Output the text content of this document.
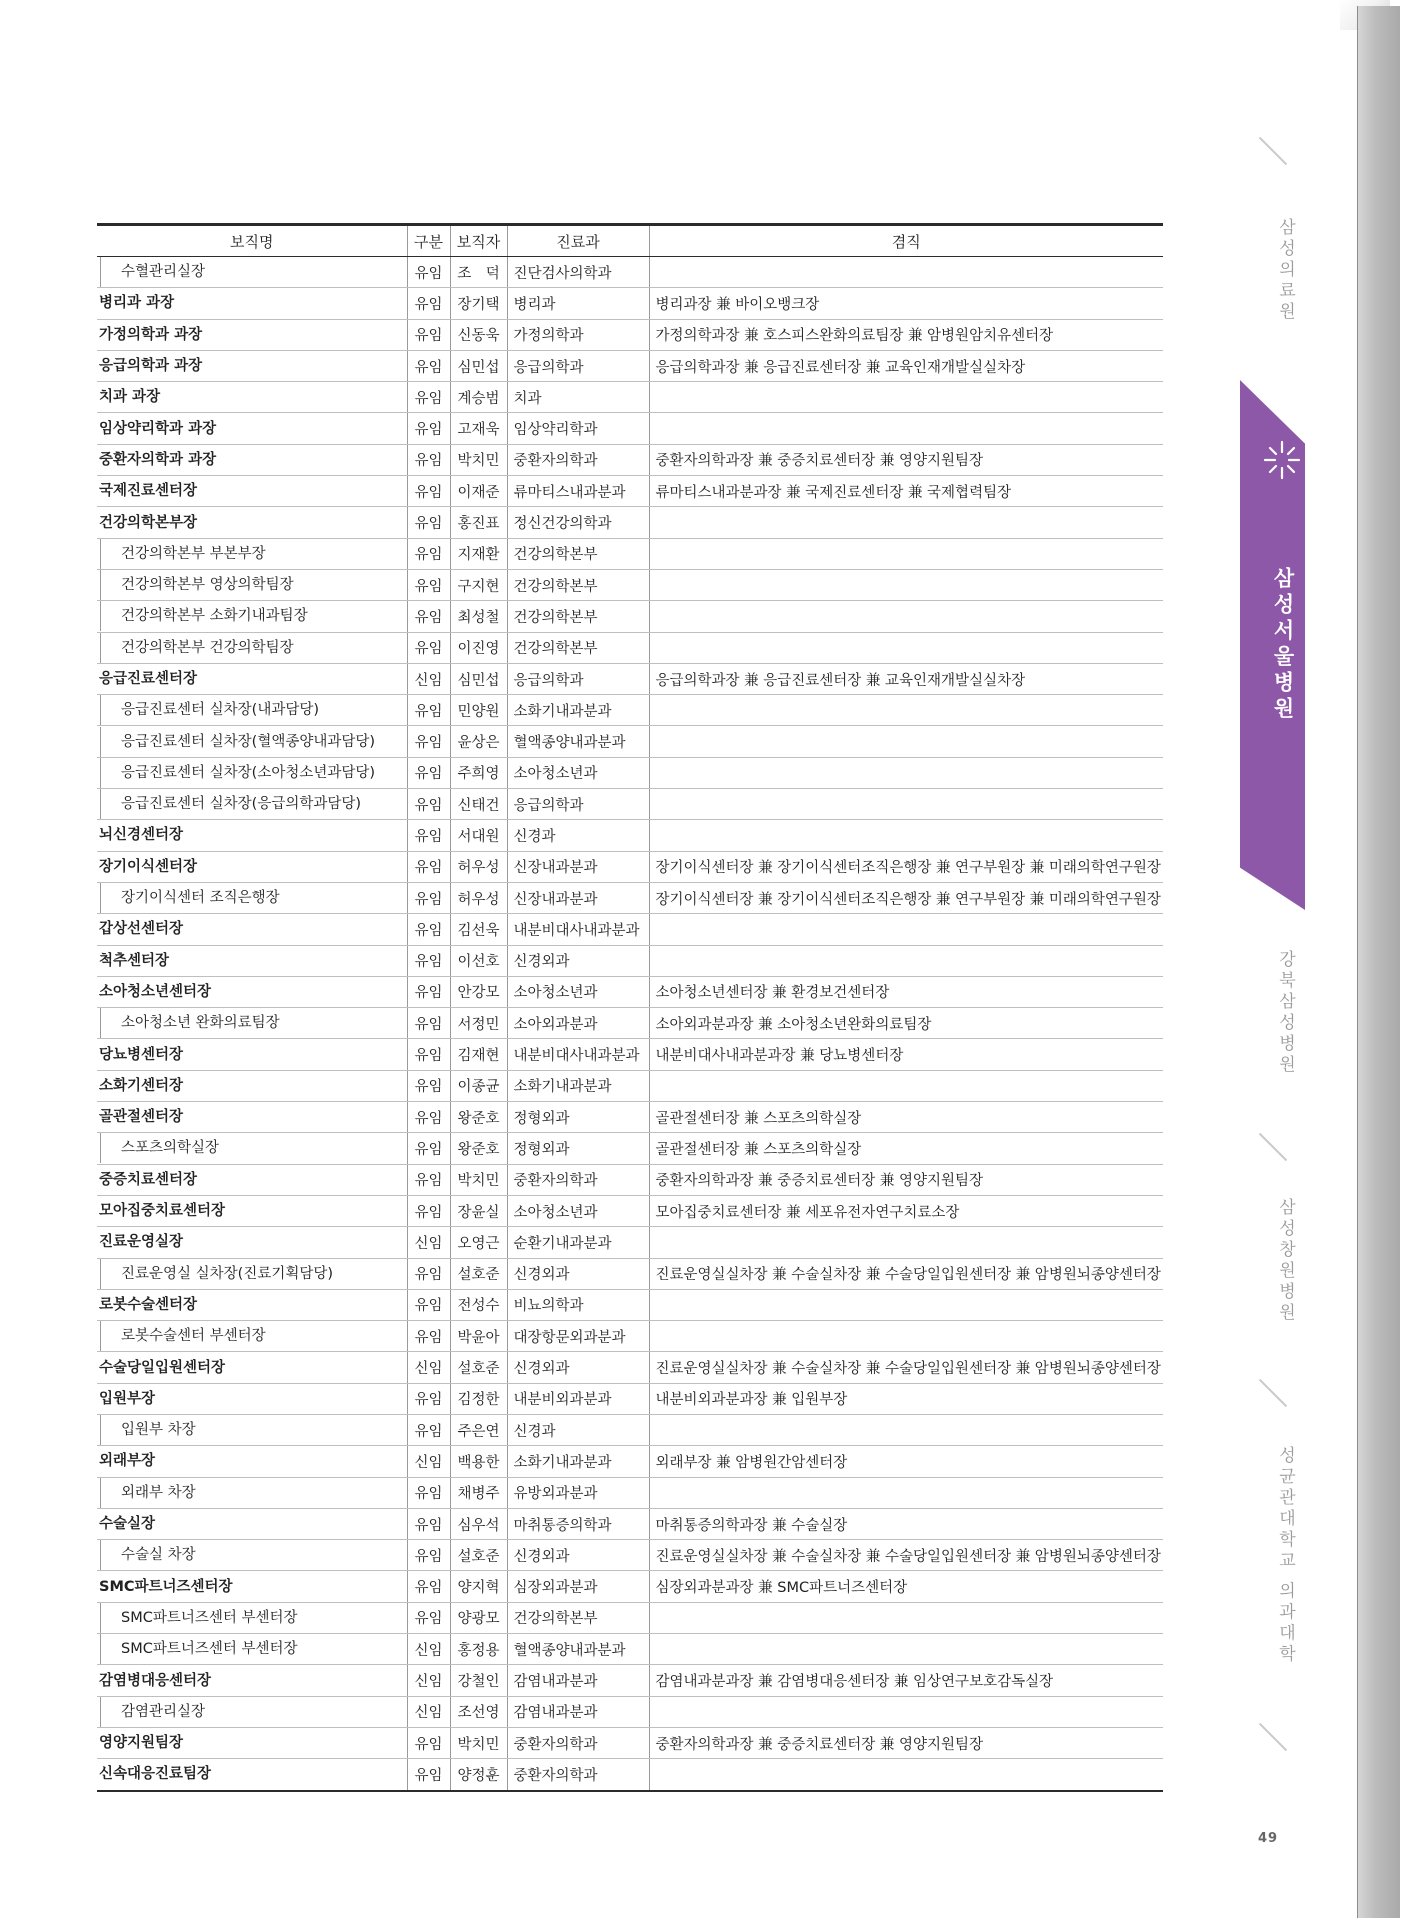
보직명	구분	보직자	진료과	겸직

수혈관리실장	유임	조　덕	진단검사의학과	

병리과 과장	유임	장기택	병리과	병리과장 兼 바이오뱅크장

가정의학과 과장	유임	신동욱	가정의학과	가정의학과장 兼 호스피스완화의료팀장 兼 암병원암치유센터장

응급의학과 과장	유임	심민섭	응급의학과	응급의학과장 兼 응급진료센터장 兼 교육인재개발실실차장

치과 과장	유임	계승범	치과	

임상약리학과 과장	유임	고재욱	임상약리학과	

중환자의학과 과장	유임	박치민	중환자의학과	중환자의학과장 兼 중증치료센터장 兼 영양지원팀장

국제진료센터장	유임	이재준	류마티스내과분과	류마티스내과분과장 兼 국제진료센터장 兼 국제협력팀장

건강의학본부장	유임	홍진표	정신건강의학과	

건강의학본부 부본부장	유임	지재환	건강의학본부	

건강의학본부 영상의학팀장	유임	구지현	건강의학본부	

건강의학본부 소화기내과팀장	유임	최성철	건강의학본부	

건강의학본부 건강의학팀장	유임	이진영	건강의학본부	

응급진료센터장	신임	심민섭	응급의학과	응급의학과장 兼 응급진료센터장 兼 교육인재개발실실차장

응급진료센터 실차장(내과담당)	유임	민양원	소화기내과분과	

응급진료센터 실차장(혈액종양내과담당)	유임	윤상은	혈액종양내과분과	

응급진료센터 실차장(소아청소년과담당)	유임	주희영	소아청소년과	

응급진료센터 실차장(응급의학과담당)	유임	신태건	응급의학과	

뇌신경센터장	유임	서대원	신경과	

장기이식센터장	유임	허우성	신장내과분과	장기이식센터장 兼 장기이식센터조직은행장 兼 연구부원장 兼 미래의학연구원장

장기이식센터 조직은행장	유임	허우성	신장내과분과	장기이식센터장 兼 장기이식센터조직은행장 兼 연구부원장 兼 미래의학연구원장

갑상선센터장	유임	김선욱	내분비대사내과분과	

척추센터장	유임	이선호	신경외과	

소아청소년센터장	유임	안강모	소아청소년과	소아청소년센터장 兼 환경보건센터장

소아청소년 완화의료팀장	유임	서정민	소아외과분과	소아외과분과장 兼 소아청소년완화의료팀장

당뇨병센터장	유임	김재현	내분비대사내과분과	내분비대사내과분과장 兼 당뇨병센터장

소화기센터장	유임	이종균	소화기내과분과	

골관절센터장	유임	왕준호	정형외과	골관절센터장 兼 스포츠의학실장

스포츠의학실장	유임	왕준호	정형외과	골관절센터장 兼 스포츠의학실장

중증치료센터장	유임	박치민	중환자의학과	중환자의학과장 兼 중증치료센터장 兼 영양지원팀장

모아집중치료센터장	유임	장윤실	소아청소년과	모아집중치료센터장 兼 세포유전자연구치료소장

진료운영실장	신임	오영근	순환기내과분과	

진료운영실 실차장(진료기획담당)	유임	설호준	신경외과	진료운영실실차장 兼 수술실차장 兼 수술당일입원센터장 兼 암병원뇌종양센터장

로봇수술센터장	유임	전성수	비뇨의학과	

로봇수술센터 부센터장	유임	박윤아	대장항문외과분과	

수술당일입원센터장	신임	설호준	신경외과	진료운영실실차장 兼 수술실차장 兼 수술당일입원센터장 兼 암병원뇌종양센터장

입원부장	유임	김정한	내분비외과분과	내분비외과분과장 兼 입원부장

입원부 차장	유임	주은연	신경과	

외래부장	신임	백용한	소화기내과분과	외래부장 兼 암병원간암센터장

외래부 차장	유임	채병주	유방외과분과	

수술실장	유임	심우석	마취통증의학과	마취통증의학과장 兼 수술실장

수술실 차장	유임	설호준	신경외과	진료운영실실차장 兼 수술실차장 兼 수술당일입원센터장 兼 암병원뇌종양센터장

SMC파트너즈센터장	유임	양지혁	심장외과분과	심장외과분과장 兼 SMC파트너즈센터장

SMC파트너즈센터 부센터장	유임	양광모	건강의학본부	

SMC파트너즈센터 부센터장	신임	홍정용	혈액종양내과분과	

감염병대응센터장	신임	강철인	감염내과분과	감염내과분과장 兼 감염병대응센터장 兼 임상연구보호감독실장

감염관리실장	신임	조선영	감염내과분과	

영양지원팀장	유임	박치민	중환자의학과	중환자의학과장 兼 중증치료센터장 兼 영양지원팀장

신속대응진료팀장	유임	양정훈	중환자의학과	
삼성의료원
삼성서울병원
강북삼성병원
삼성창원병원
성균관대학교 의과대학
49
